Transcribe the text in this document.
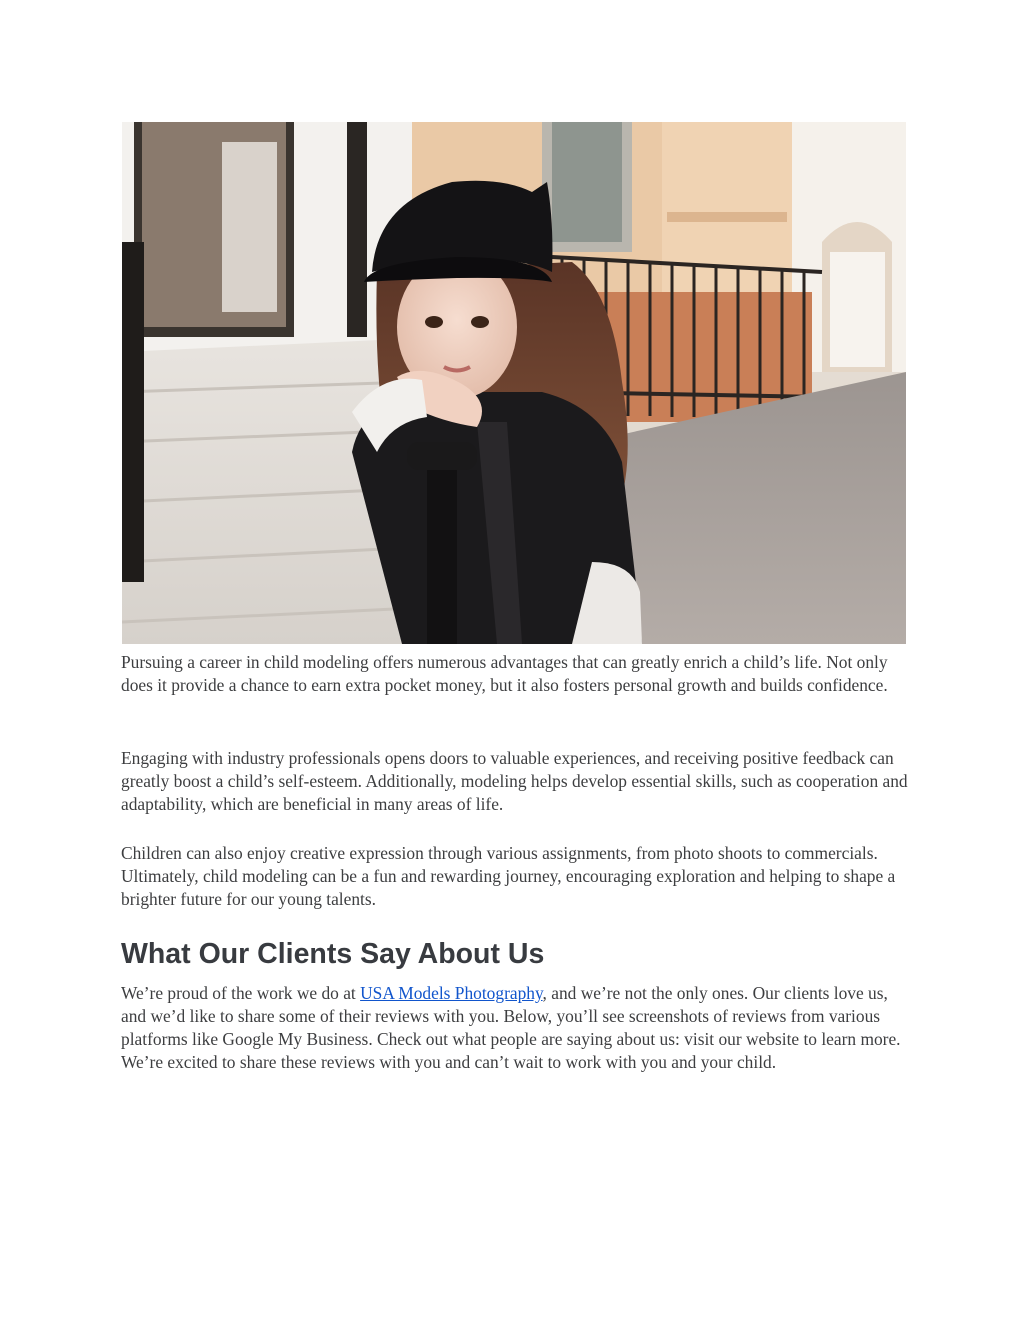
Pursuing a career in child modeling offers numerous advantages that can greatly enrich a child’s life. Not only does it provide a chance to earn extra pocket money, but it also fosters personal growth and builds confidence.

Engaging with industry professionals opens doors to valuable experiences, and receiving positive feedback can greatly boost a child’s self-esteem. Additionally, modeling helps develop essential skills, such as cooperation and adaptability, which are beneficial in many areas of life.

Children can also enjoy creative expression through various assignments, from photo shoots to commercials. Ultimately, child modeling can be a fun and rewarding journey, encouraging exploration and helping to shape a brighter future for our young talents.

What Our Clients Say About Us

We’re proud of the work we do at USA Models Photography, and we’re not the only ones. Our clients love us, and we’d like to share some of their reviews with you. Below, you’ll see screenshots of reviews from various platforms like Google My Business. Check out what people are saying about us: visit our website to learn more. We’re excited to share these reviews with you and can’t wait to work with you and your child.
